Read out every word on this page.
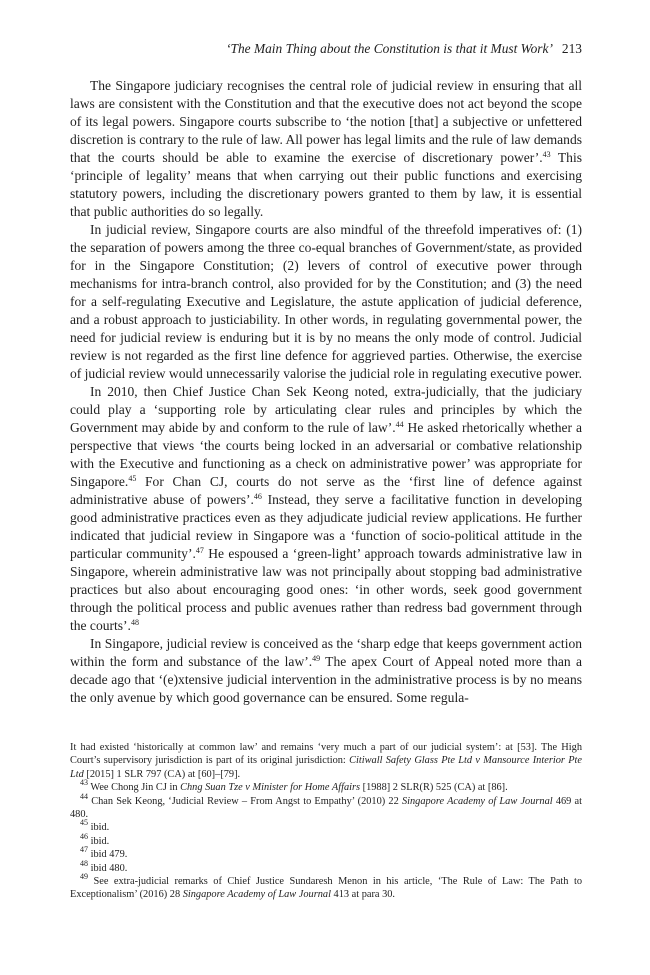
‘The Main Thing about the Constitution is that it Must Work’ 213

The Singapore judiciary recognises the central role of judicial review in ensuring that all laws are consistent with the Constitution and that the executive does not act beyond the scope of its legal powers. Singapore courts subscribe to ‘the notion [that] a subjective or unfettered discretion is contrary to the rule of law. All power has legal limits and the rule of law demands that the courts should be able to examine the exercise of discretionary power’.$^{43}$ This ‘principle of legality’ means that when carrying out their public functions and exercising statutory powers, including the discretionary powers granted to them by law, it is essential that public authorities do so legally.

In judicial review, Singapore courts are also mindful of the threefold imperatives of: (1) the separation of powers among the three co-equal branches of Government/state, as provided for in the Singapore Constitution; (2) levers of control of executive power through mechanisms for intra-branch control, also provided for by the Constitution; and (3) the need for a self-regulating Executive and Legislature, the astute application of judicial deference, and a robust approach to justiciability. In other words, in regulating governmental power, the need for judicial review is enduring but it is by no means the only mode of control. Judicial review is not regarded as the first line defence for aggrieved parties. Otherwise, the exercise of judicial review would unnecessarily valorise the judicial role in regulating executive power.

In 2010, then Chief Justice Chan Sek Keong noted, extra-judicially, that the judiciary could play a ‘supporting role by articulating clear rules and principles by which the Government may abide by and conform to the rule of law’.$^{44}$ He asked rhetorically whether a perspective that views ‘the courts being locked in an adversarial or combative relationship with the Executive and functioning as a check on administrative power’ was appropriate for Singapore.$^{45}$ For Chan CJ, courts do not serve as the ‘first line of defence against administrative abuse of powers’.$^{46}$ Instead, they serve a facilitative function in developing good administrative practices even as they adjudicate judicial review applications. He further indicated that judicial review in Singapore was a ‘function of socio-political attitude in the particular community’.$^{47}$ He espoused a ‘green-light’ approach towards administrative law in Singapore, wherein administrative law was not principally about stopping bad administrative practices but also about encouraging good ones: ‘in other words, seek good government through the political process and public avenues rather than redress bad government through the courts’.$^{48}$

In Singapore, judicial review is conceived as the ‘sharp edge that keeps government action within the form and substance of the law’.$^{49}$ The apex Court of Appeal noted more than a decade ago that ‘(e)xtensive judicial intervention in the administrative process is by no means the only avenue by which good governance can be ensured. Some regula-

It had existed ‘historically at common law’ and remains ‘very much a part of our judicial system’: at [53]. The High Court’s supervisory jurisdiction is part of its original jurisdiction: Citiwall Safety Glass Pte Ltd v Mansource Interior Pte Ltd [2015] 1 SLR 797 (CA) at [60]–[79].

$^{43}$ Wee Chong Jin CJ in Chng Suan Tze v Minister for Home Affairs [1988] 2 SLR(R) 525 (CA) at [86].

$^{44}$ Chan Sek Keong, ‘Judicial Review – From Angst to Empathy’ (2010) 22 Singapore Academy of Law Journal 469 at 480.

$^{45}$ ibid.

$^{46}$ ibid.

$^{47}$ ibid 479.

$^{48}$ ibid 480.

$^{49}$ See extra-judicial remarks of Chief Justice Sundaresh Menon in his article, ‘The Rule of Law: The Path to Exceptionalism’ (2016) 28 Singapore Academy of Law Journal 413 at para 30.
